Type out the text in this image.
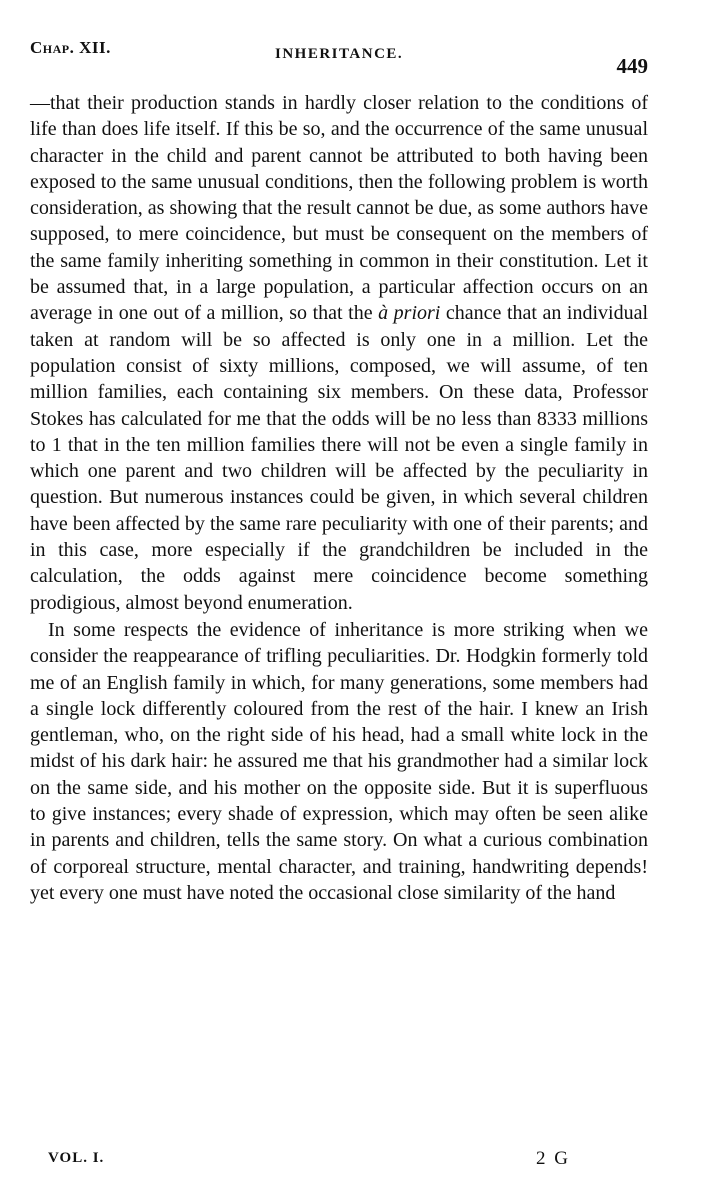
Chap. XII.	INHERITANCE.	449

—that their production stands in hardly closer relation to the conditions of life than does life itself. If this be so, and the occurrence of the same unusual character in the child and parent cannot be attributed to both having been exposed to the same unusual conditions, then the following problem is worth consideration, as showing that the result cannot be due, as some authors have supposed, to mere coincidence, but must be consequent on the members of the same family inheriting something in common in their constitution. Let it be assumed that, in a large population, a particular affection occurs on an average in one out of a million, so that the à priori chance that an individual taken at random will be so affected is only one in a million. Let the population consist of sixty millions, composed, we will assume, of ten million families, each containing six members. On these data, Professor Stokes has calculated for me that the odds will be no less than 8333 millions to 1 that in the ten million families there will not be even a single family in which one parent and two children will be affected by the peculiarity in question. But numerous instances could be given, in which several children have been affected by the same rare peculiarity with one of their parents; and in this case, more especially if the grandchildren be included in the calculation, the odds against mere coincidence become something prodigious, almost beyond enumeration.

In some respects the evidence of inheritance is more striking when we consider the reappearance of trifling peculiarities. Dr. Hodgkin formerly told me of an English family in which, for many generations, some members had a single lock differently coloured from the rest of the hair. I knew an Irish gentleman, who, on the right side of his head, had a small white lock in the midst of his dark hair: he assured me that his grandmother had a similar lock on the same side, and his mother on the opposite side. But it is superfluous to give instances; every shade of expression, which may often be seen alike in parents and children, tells the same story. On what a curious combination of corporeal structure, mental character, and training, handwriting depends! yet every one must have noted the occasional close similarity of the hand

VOL. I.	2 G
